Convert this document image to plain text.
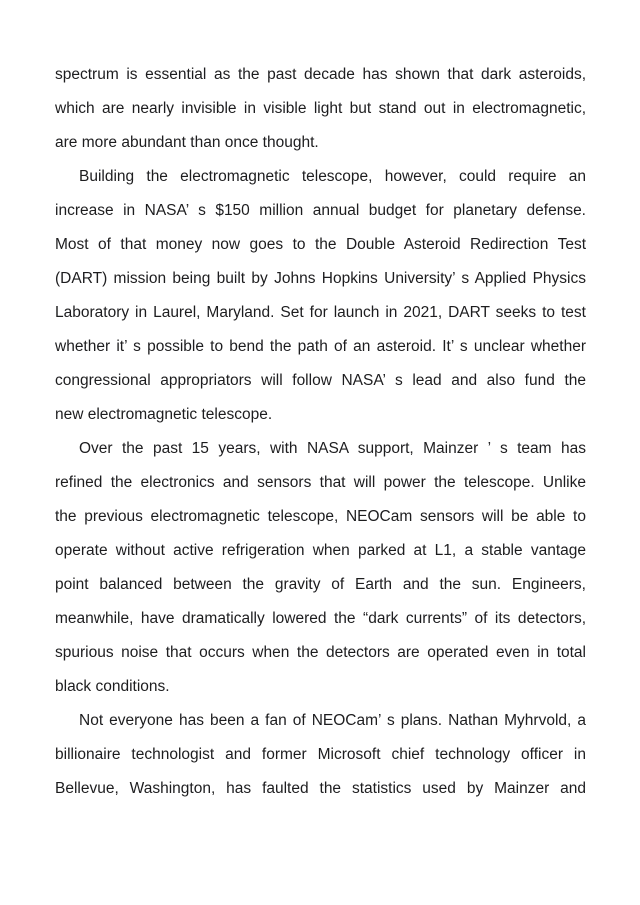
spectrum is essential as the past decade has shown that dark asteroids,
which are nearly invisible in visible light but stand out in electromagnetic,
are more abundant than once thought.
Building the electromagnetic telescope, however, could require an
increase in NASA’ s $150 million annual budget for planetary defense.
Most of that money now goes to the Double Asteroid Redirection Test
(DART) mission being built by Johns Hopkins University’ s Applied Physics
Laboratory in Laurel, Maryland. Set for launch in 2021, DART seeks to test
whether it’ s possible to bend the path of an asteroid. It’ s unclear whether
congressional appropriators will follow NASA’ s lead and also fund the
new electromagnetic telescope.
Over the past 15 years, with NASA support, Mainzer ’ s team has
refined the electronics and sensors that will power the telescope. Unlike
the previous electromagnetic telescope, NEOCam sensors will be able to
operate without active refrigeration when parked at L1, a stable vantage
point balanced between the gravity of Earth and the sun. Engineers,
meanwhile, have dramatically lowered the “dark currents” of its detectors,
spurious noise that occurs when the detectors are operated even in total
black conditions.
Not everyone has been a fan of NEOCam’ s plans. Nathan Myhrvold, a
billionaire technologist and former Microsoft chief technology officer in
Bellevue, Washington, has faulted the statistics used by Mainzer and
